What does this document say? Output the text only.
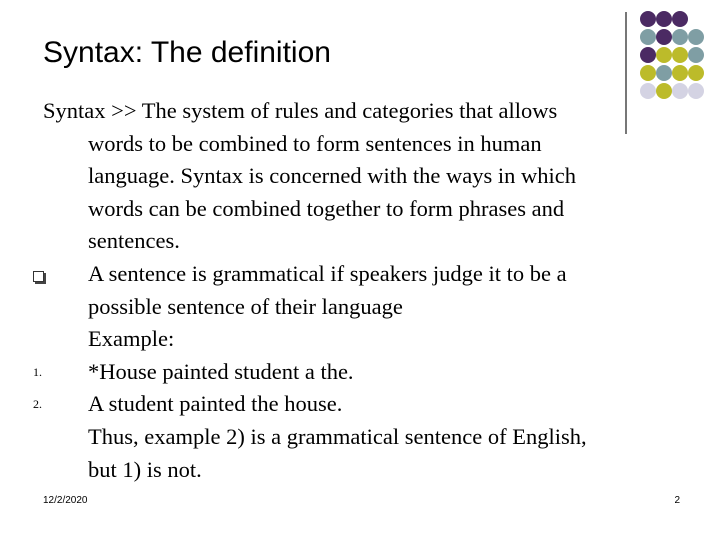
Syntax: The definition
Syntax >> The system of rules and categories that allows
words to be combined to form sentences in human
language. Syntax is concerned with the ways in which
words can be combined together to form phrases and
sentences.
A sentence is grammatical if speakers judge it to be a
possible sentence of their language
Example:
1.	*House painted student a the.
2.	A student painted the house.
Thus, example 2) is a grammatical sentence of English,
but 1) is not.
12/2/2020	2
